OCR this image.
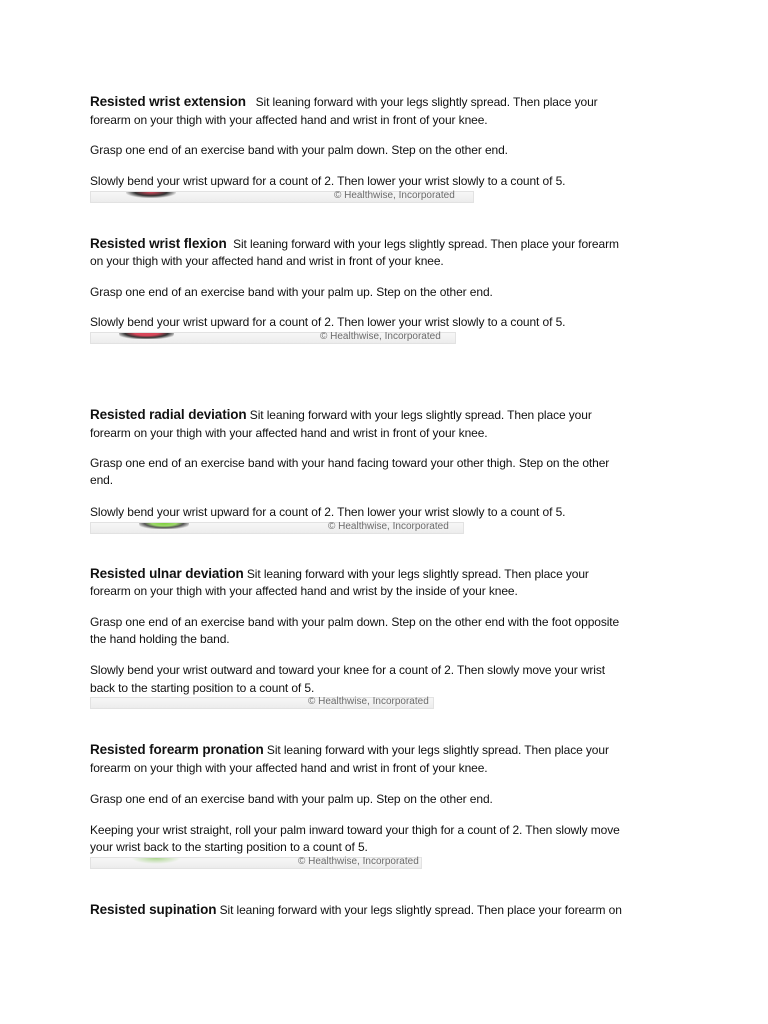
Resisted wrist extension Sit leaning forward with your legs slightly spread. Then place your
forearm on your thigh with your affected hand and wrist in front of your knee.
Grasp one end of an exercise band with your palm down. Step on the other end.
Slowly bend your wrist upward for a count of 2. Then lower your wrist slowly to a count of 5.
© Healthwise, Incorporated
Resisted wrist flexion Sit leaning forward with your legs slightly spread. Then place your forearm
on your thigh with your affected hand and wrist in front of your knee.
Grasp one end of an exercise band with your palm up. Step on the other end.
Slowly bend your wrist upward for a count of 2. Then lower your wrist slowly to a count of 5.
© Healthwise, Incorporated
Resisted radial deviation Sit leaning forward with your legs slightly spread. Then place your
forearm on your thigh with your affected hand and wrist in front of your knee.
Grasp one end of an exercise band with your hand facing toward your other thigh. Step on the other
end.
Slowly bend your wrist upward for a count of 2. Then lower your wrist slowly to a count of 5.
© Healthwise, Incorporated
Resisted ulnar deviation Sit leaning forward with your legs slightly spread. Then place your
forearm on your thigh with your affected hand and wrist by the inside of your knee.
Grasp one end of an exercise band with your palm down. Step on the other end with the foot opposite
the hand holding the band.
Slowly bend your wrist outward and toward your knee for a count of 2. Then slowly move your wrist
back to the starting position to a count of 5.
© Healthwise, Incorporated
Resisted forearm pronation Sit leaning forward with your legs slightly spread. Then place your
forearm on your thigh with your affected hand and wrist in front of your knee.
Grasp one end of an exercise band with your palm up. Step on the other end.
Keeping your wrist straight, roll your palm inward toward your thigh for a count of 2. Then slowly move
your wrist back to the starting position to a count of 5.
© Healthwise, Incorporated
Resisted supination Sit leaning forward with your legs slightly spread. Then place your forearm on
